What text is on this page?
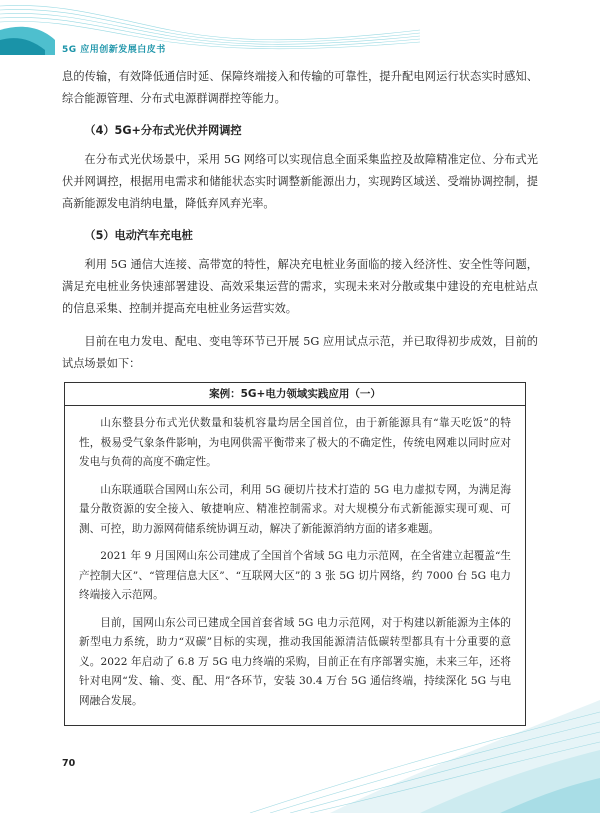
5G 应用创新发展白皮书

息的传输，有效降低通信时延、保障终端接入和传输的可靠性，提升配电网运行状态实时感知、综合能源管理、分布式电源群调群控等能力。

（4）5G+分布式光伏并网调控

在分布式光伏场景中，采用 5G 网络可以实现信息全面采集监控及故障精准定位、分布式光伏并网调控，根据用电需求和储能状态实时调整新能源出力，实现跨区域送、受端协调控制，提高新能源发电消纳电量，降低弃风弃光率。

（5）电动汽车充电桩

利用 5G 通信大连接、高带宽的特性，解决充电桩业务面临的接入经济性、安全性等问题，满足充电桩业务快速部署建设、高效采集运营的需求，实现未来对分散或集中建设的充电桩站点的信息采集、控制并提高充电桩业务运营实效。

目前在电力发电、配电、变电等环节已开展 5G 应用试点示范，并已取得初步成效，目前的试点场景如下：

案例：5G+电力领域实践应用（一）

山东整县分布式光伏数量和装机容量均居全国首位，由于新能源具有“靠天吃饭”的特性，极易受气象条件影响，为电网供需平衡带来了极大的不确定性，传统电网难以同时应对发电与负荷的高度不确定性。

山东联通联合国网山东公司，利用 5G 硬切片技术打造的 5G 电力虚拟专网，为满足海量分散资源的安全接入、敏捷响应、精准控制需求。对大规模分布式新能源实现可观、可测、可控，助力源网荷储系统协调互动，解决了新能源消纳方面的诸多难题。

2021 年 9 月国网山东公司建成了全国首个省域 5G 电力示范网，在全省建立起覆盖“生产控制大区”、“管理信息大区”、“互联网大区”的 3 张 5G 切片网络，约 7000 台 5G 电力终端接入示范网。

目前，国网山东公司已建成全国首套省域 5G 电力示范网，对于构建以新能源为主体的新型电力系统，助力“双碳”目标的实现，推动我国能源清洁低碳转型都具有十分重要的意义。2022 年启动了 6.8 万 5G 电力终端的采购，目前正在有序部署实施，未来三年，还将针对电网“发、输、变、配、用”各环节，安装 30.4 万台 5G 通信终端，持续深化 5G 与电网融合发展。

70
